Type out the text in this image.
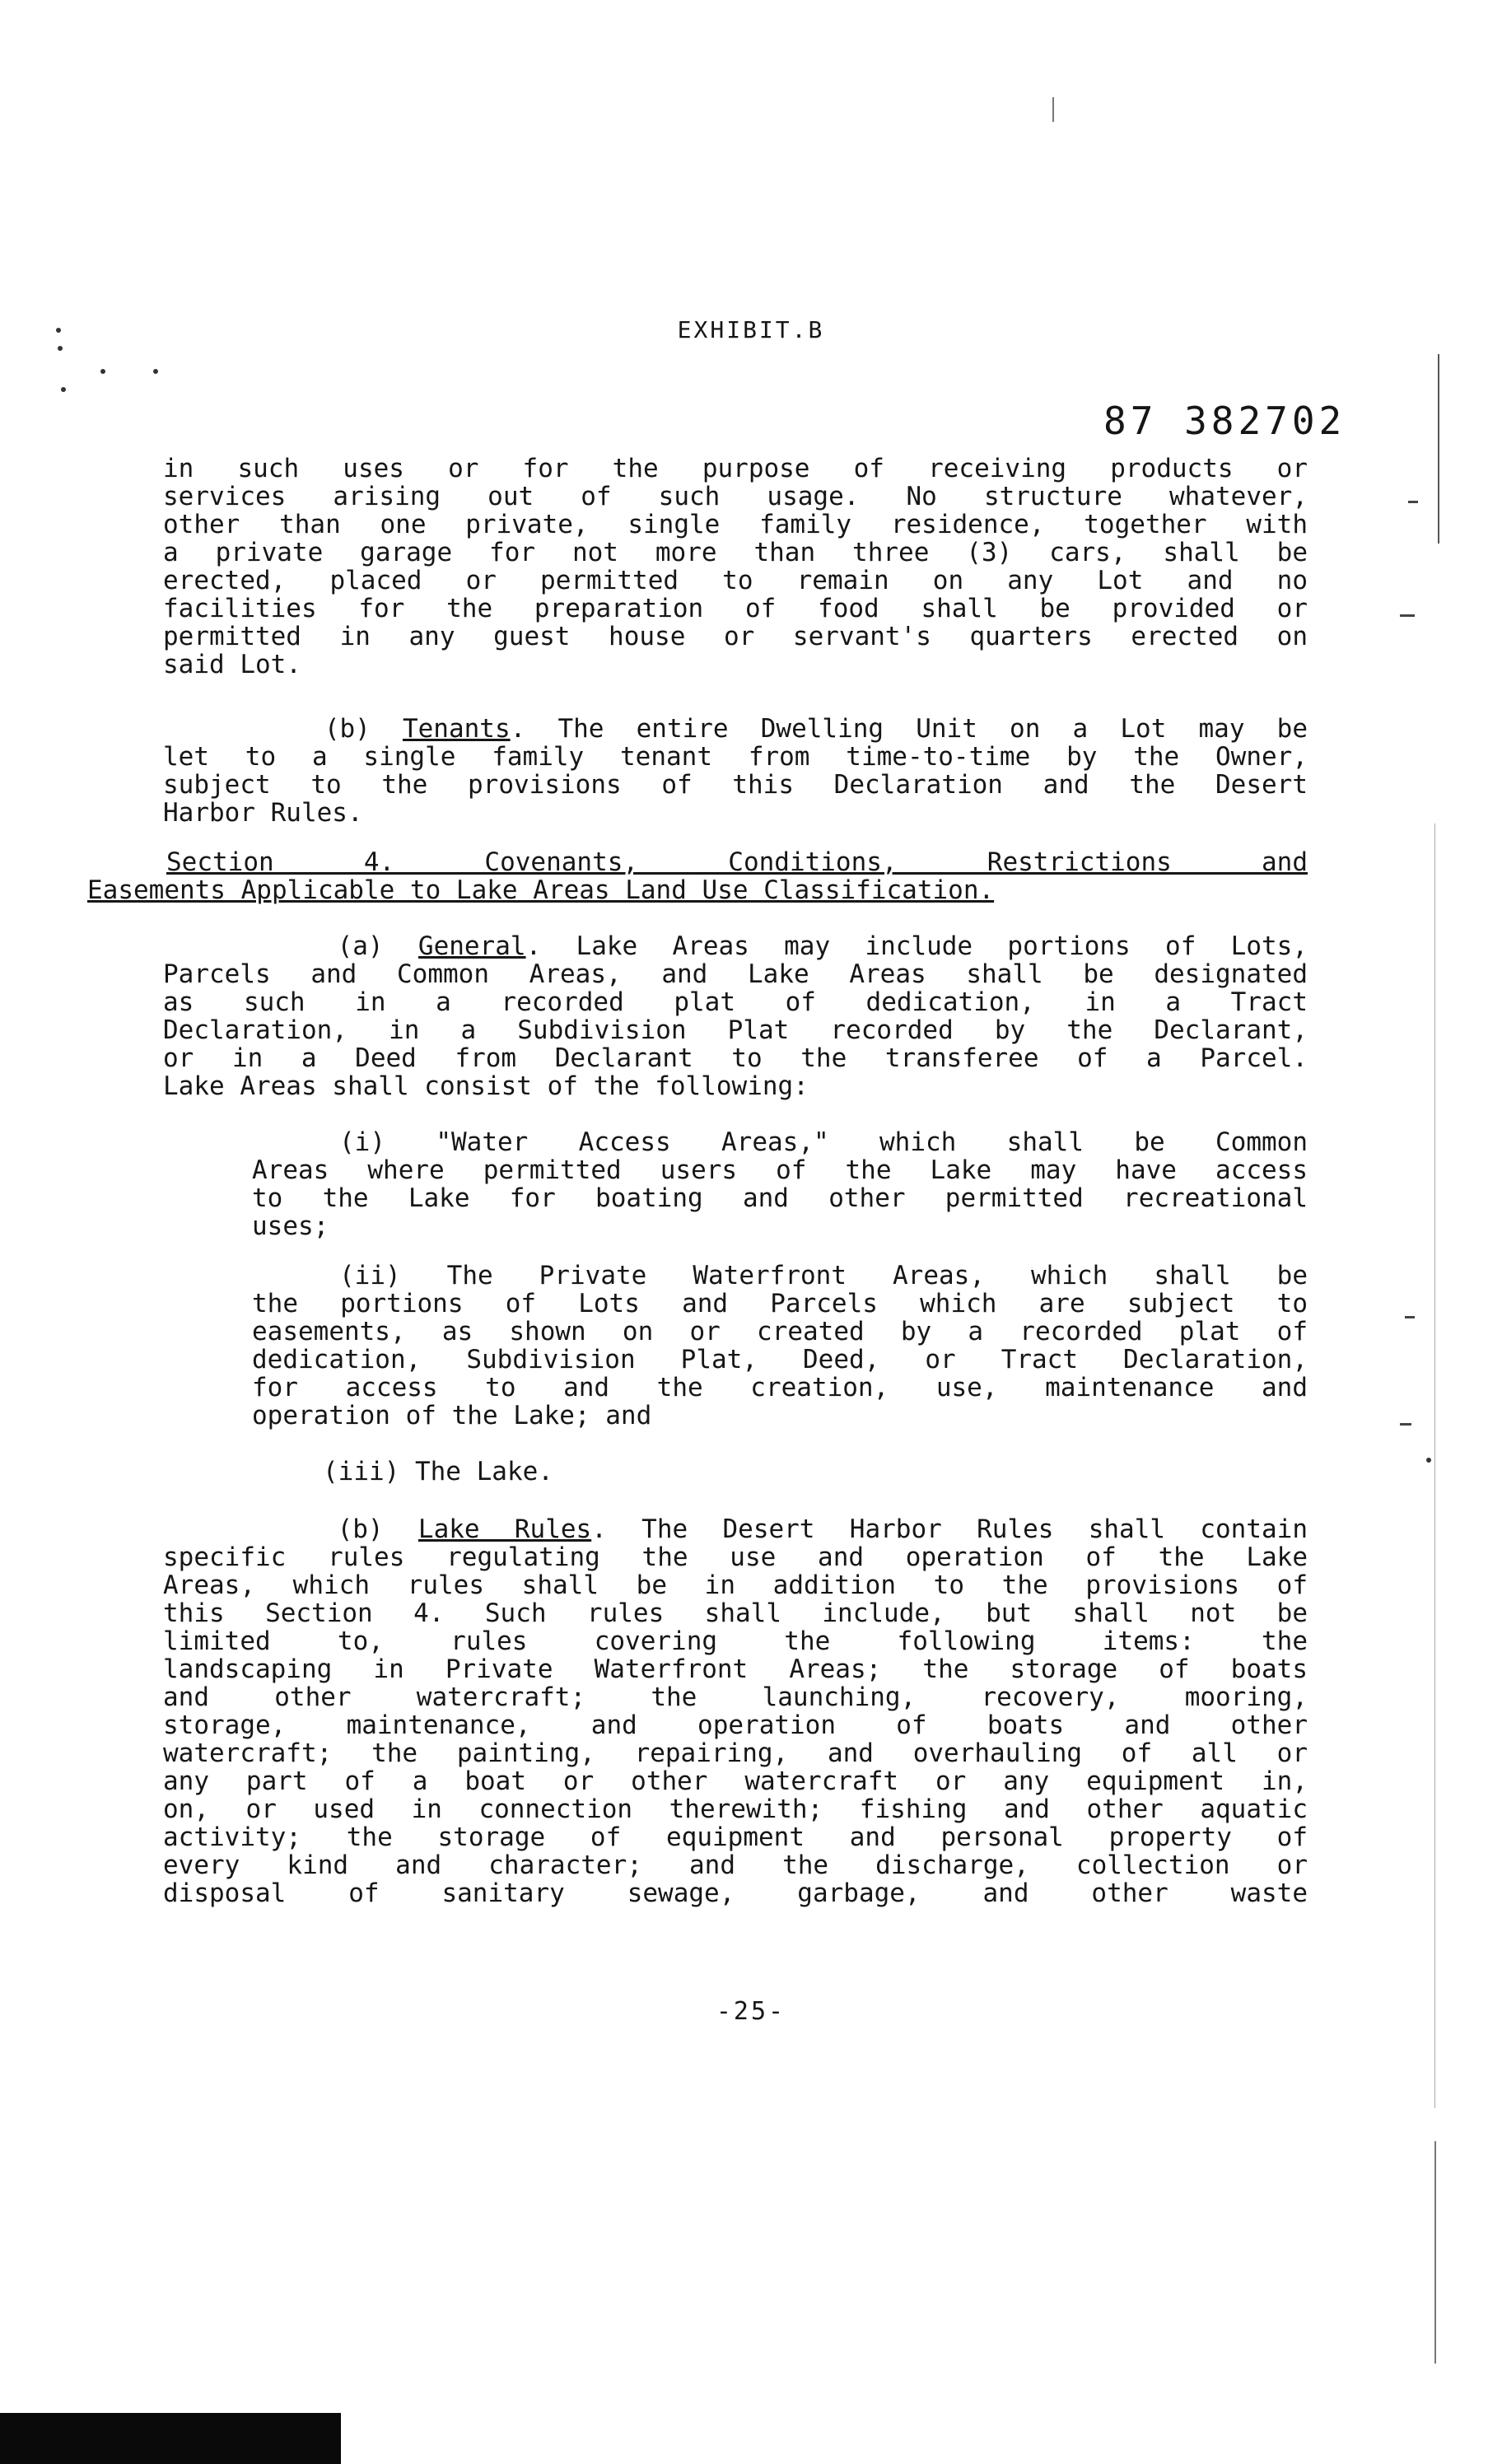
EXHIBIT.B
87 382702
in such uses or for the purpose of receiving products or
services arising out of such usage. No structure whatever,
other than one private, single family residence, together with
a private garage for not more than three (3) cars, shall be
erected, placed or permitted to remain on any Lot and no
facilities for the preparation of food shall be provided or
permitted in any guest house or servant's quarters erected on
said Lot.
(b) Tenants. The entire Dwelling Unit on a Lot may be
let to a single family tenant from time-to-time by the Owner,
subject to the provisions of this Declaration and the Desert
Harbor Rules.
Section 4. Covenants, Conditions, Restrictions and
Easements Applicable to Lake Areas Land Use Classification.
(a) General. Lake Areas may include portions of Lots,
Parcels and Common Areas, and Lake Areas shall be designated
as such in a recorded plat of dedication, in a Tract
Declaration, in a Subdivision Plat recorded by the Declarant,
or in a Deed from Declarant to the transferee of a Parcel.
Lake Areas shall consist of the following:
(i) "Water Access Areas," which shall be Common
Areas where permitted users of the Lake may have access
to the Lake for boating and other permitted recreational
uses;
(ii) The Private Waterfront Areas, which shall be
the portions of Lots and Parcels which are subject to
easements, as shown on or created by a recorded plat of
dedication, Subdivision Plat, Deed, or Tract Declaration,
for access to and the creation, use, maintenance and
operation of the Lake; and
(iii) The Lake.
(b) Lake Rules. The Desert Harbor Rules shall contain
specific rules regulating the use and operation of the Lake
Areas, which rules shall be in addition to the provisions of
this Section 4. Such rules shall include, but shall not be
limited to, rules covering the following items: the
landscaping in Private Waterfront Areas; the storage of boats
and other watercraft; the launching, recovery, mooring,
storage, maintenance, and operation of boats and other
watercraft; the painting, repairing, and overhauling of all or
any part of a boat or other watercraft or any equipment in,
on, or used in connection therewith; fishing and other aquatic
activity; the storage of equipment and personal property of
every kind and character; and the discharge, collection or
disposal of sanitary sewage, garbage, and other waste
-25-
